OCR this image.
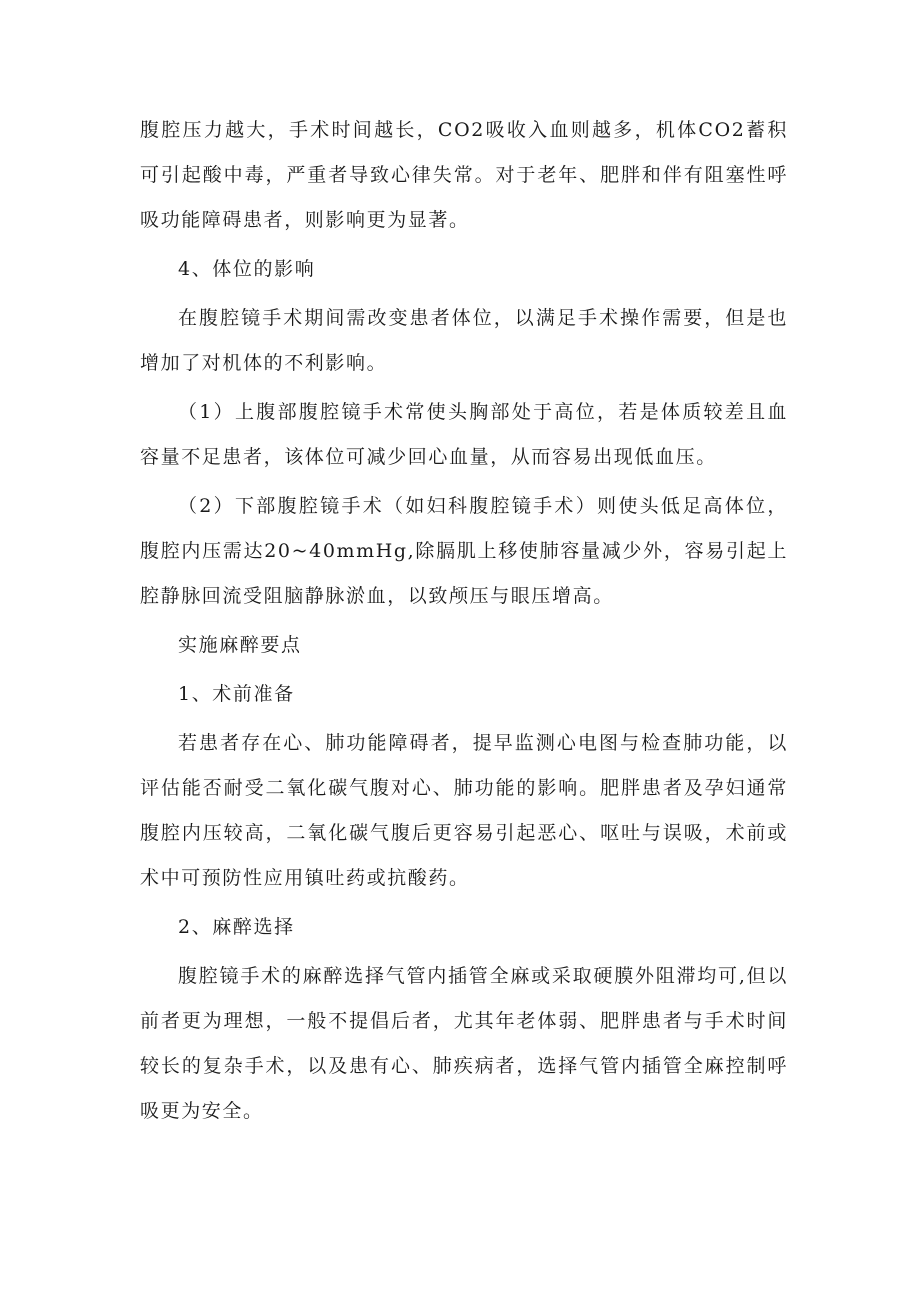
腹腔压力越大，手术时间越长，CO2吸收入血则越多，机体CO2蓄积可引起酸中毒，严重者导致心律失常。对于老年、肥胖和伴有阻塞性呼吸功能障碍患者，则影响更为显著。

4、体位的影响

在腹腔镜手术期间需改变患者体位，以满足手术操作需要，但是也增加了对机体的不利影响。

（1）上腹部腹腔镜手术常使头胸部处于高位，若是体质较差且血容量不足患者，该体位可减少回心血量，从而容易出现低血压。

（2）下部腹腔镜手术（如妇科腹腔镜手术）则使头低足高体位，腹腔内压需达20~40mmHg,除膈肌上移使肺容量减少外，容易引起上腔静脉回流受阻脑静脉淤血，以致颅压与眼压增高。

实施麻醉要点

1、术前准备

若患者存在心、肺功能障碍者，提早监测心电图与检查肺功能，以评估能否耐受二氧化碳气腹对心、肺功能的影响。肥胖患者及孕妇通常腹腔内压较高，二氧化碳气腹后更容易引起恶心、呕吐与误吸，术前或术中可预防性应用镇吐药或抗酸药。

2、麻醉选择

腹腔镜手术的麻醉选择气管内插管全麻或采取硬膜外阻滞均可,但以前者更为理想，一般不提倡后者，尤其年老体弱、肥胖患者与手术时间较长的复杂手术，以及患有心、肺疾病者，选择气管内插管全麻控制呼吸更为安全。
